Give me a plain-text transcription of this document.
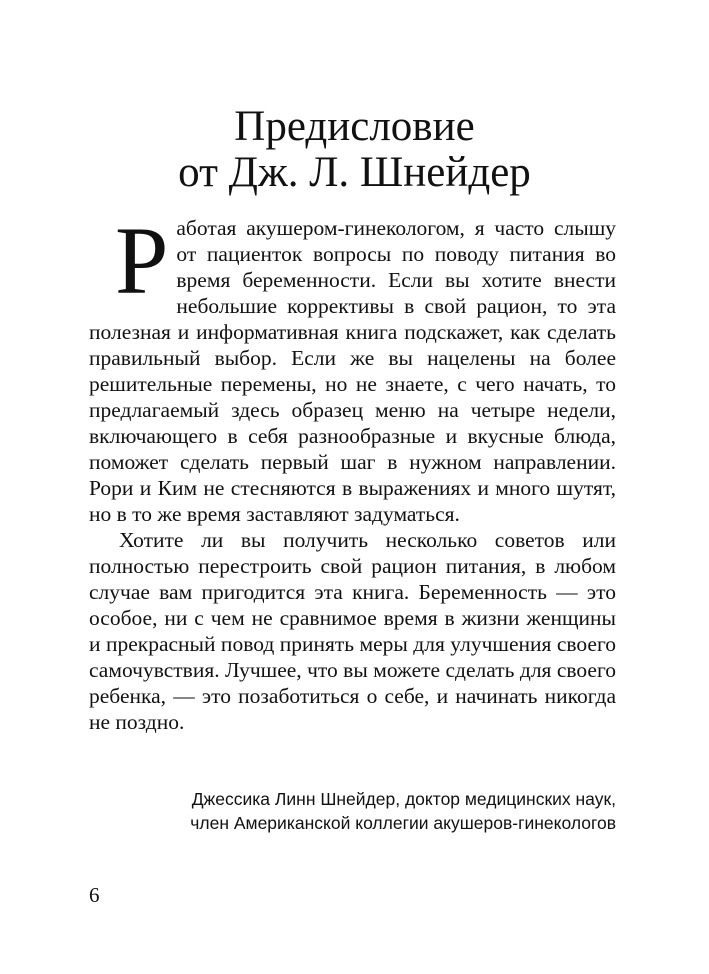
Предисловие
от Дж. Л. Шнейдер

Работая акушером-гинекологом, я часто слышу от пациенток вопросы по поводу питания во время беременности. Если вы хотите внести небольшие коррективы в свой рацион, то эта полезная и информативная книга подскажет, как сделать правильный выбор. Если же вы нацелены на более решительные перемены, но не знаете, с чего начать, то предлагаемый здесь образец меню на четыре недели, включающего в себя разнообразные и вкусные блюда, поможет сделать первый шаг в нужном направлении. Рори и Ким не стесняются в выражениях и много шутят, но в то же время заставляют задуматься.

Хотите ли вы получить несколько советов или полностью перестроить свой рацион питания, в любом случае вам пригодится эта книга. Беременность — это особое, ни с чем не сравнимое время в жизни женщины и прекрасный повод принять меры для улучшения своего самочувствия. Лучшее, что вы можете сделать для своего ребенка, — это позаботиться о себе, и начинать никогда не поздно.

Джессика Линн Шнейдер, доктор медицинских наук,
член Американской коллегии акушеров-гинекологов
6
